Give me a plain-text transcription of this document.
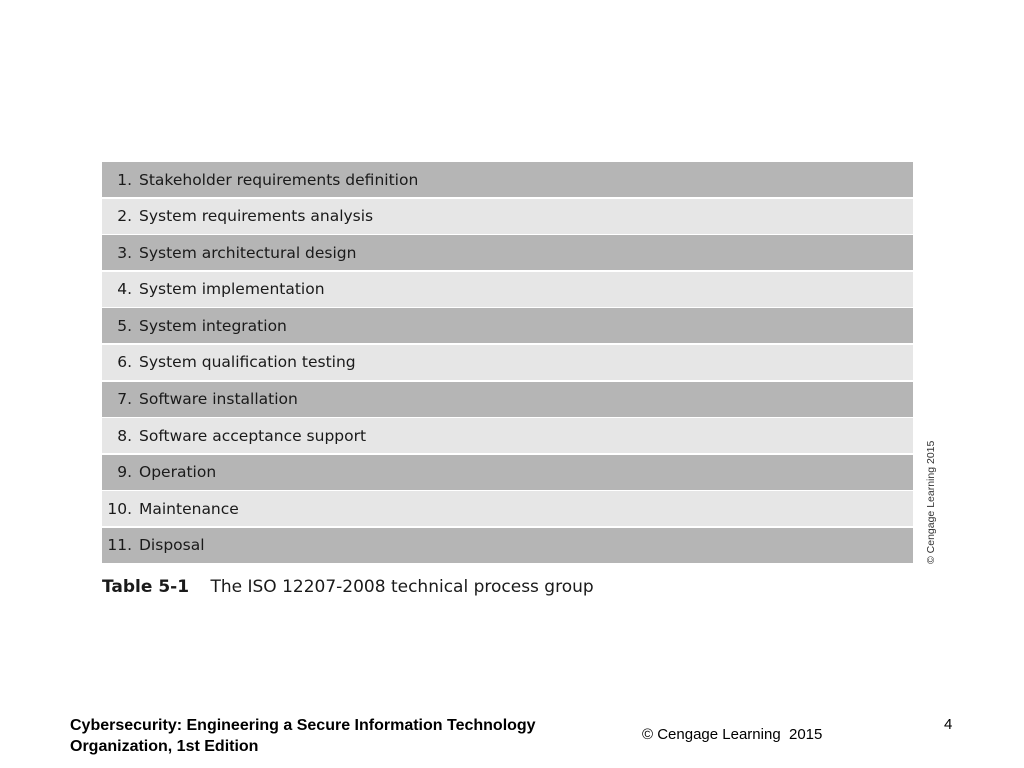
1. Stakeholder requirements definition
2. System requirements analysis
3. System architectural design
4. System implementation
5. System integration
6. System qualification testing
7. Software installation
8. Software acceptance support
9. Operation
10. Maintenance
11. Disposal	© Cengage Learning 2015
Table 5-1 The ISO 12207-2008 technical process group
Cybersecurity: Engineering a Secure Information Technology Organization, 1st Edition
© Cengage Learning  2015
4
